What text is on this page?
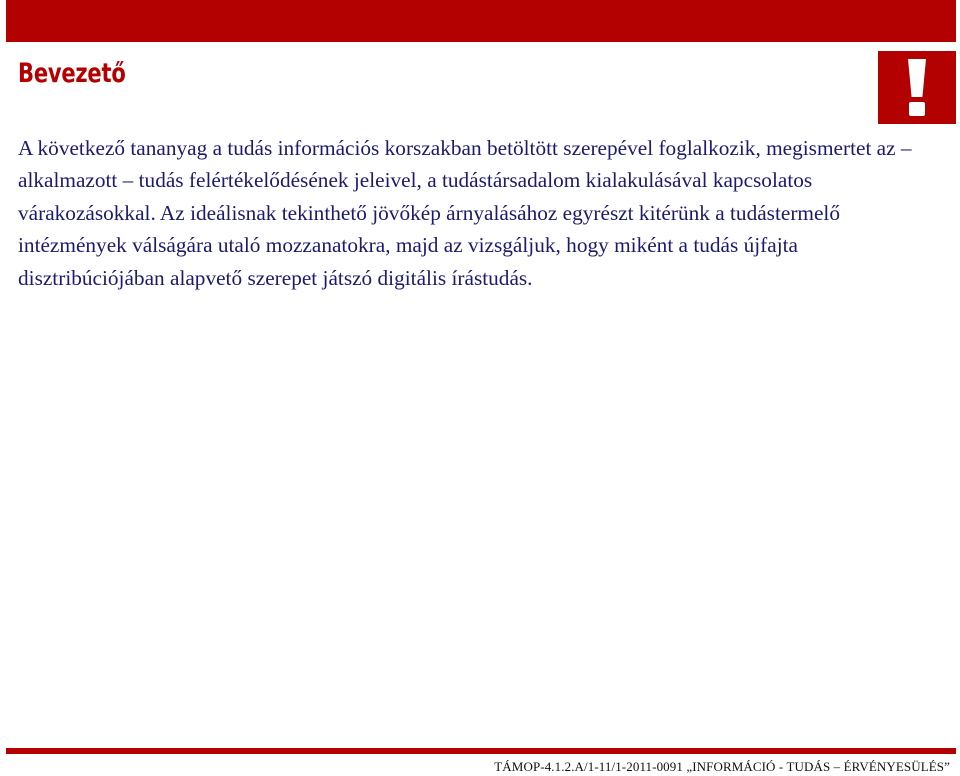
Bevezető

A következő tananyag a tudás információs korszakban betöltött szerepével foglalkozik, megismertet az – alkalmazott – tudás felértékelődésének jeleivel, a tudástársadalom kialakulásával kapcsolatos várakozásokkal. Az ideálisnak tekinthető jövőkép árnyalásához egyrészt kitérünk a tudástermelő intézmények válságára utaló mozzanatokra, majd az vizsgáljuk, hogy miként a tudás újfajta disztribúciójában alapvető szerepet játszó digitális írástudás.

TÁMOP-4.1.2.A/1-11/1-2011-0091 „INFORMÁCIÓ - TUDÁS – ÉRVÉNYESÜLÉS”
